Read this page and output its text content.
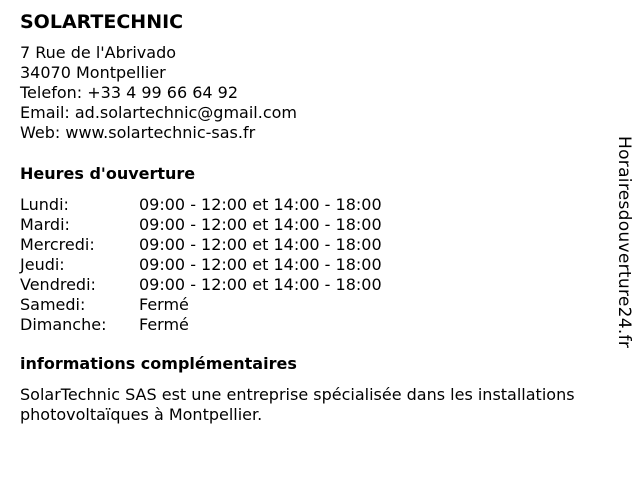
SOLARTECHNIC
7 Rue de l'Abrivado
34070 Montpellier
Telefon: +33 4 99 66 64 92
Email: ad.solartechnic@gmail.com
Web: www.solartechnic-sas.fr
Heures d'ouverture
Lundi:	09:00 - 12:00 et 14:00 - 18:00
Mardi:	09:00 - 12:00 et 14:00 - 18:00
Mercredi:	09:00 - 12:00 et 14:00 - 18:00
Jeudi:	09:00 - 12:00 et 14:00 - 18:00
Vendredi:	09:00 - 12:00 et 14:00 - 18:00
Samedi:	Fermé
Dimanche:	Fermé
informations complémentaires

SolarTechnic SAS est une entreprise spécialisée dans les installations photovoltaïques à Montpellier.

Horairesdouverture24.fr
